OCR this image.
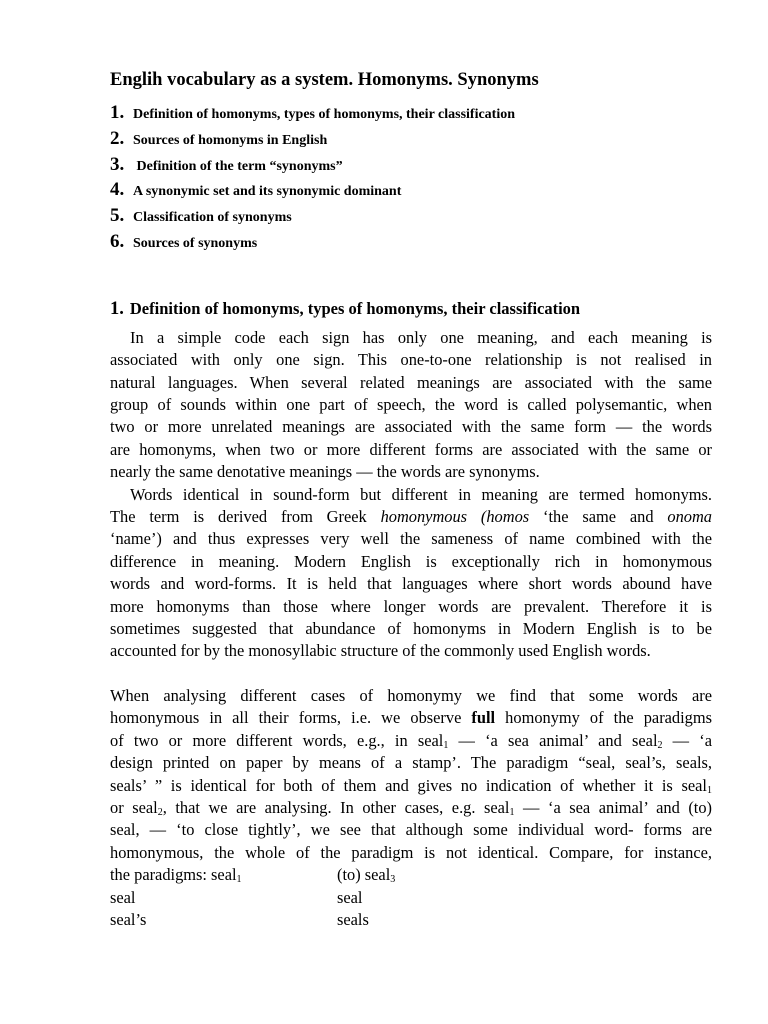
Englih vocabulary as a system. Homonyms. Synonyms
1. Definition of homonyms, types of homonyms, their classification
2. Sources of homonyms in English
3. Definition of the term “synonyms”
4. A synonymic set and its synonymic dominant
5. Classification of synonyms
6. Sources of synonyms
1. Definition of homonyms, types of homonyms, their classification

In a simple code each sign has only one meaning, and each meaning is
associated with only one sign. This one-to-one relationship is not realised in
natural languages. When several related meanings are associated with the same
group of sounds within one part of speech, the word is called polysemantic, when
two or more unrelated meanings are associated with the same form — the words
are homonyms, when two or more different forms are associated with the same or
nearly the same denotative meanings — the words are synonyms.

Words identical in sound-form but different in meaning are termed homonyms.
The term is derived from Greek homonymous (homos ‘the same and onoma
‘name’) and thus expresses very well the sameness of name combined with the
difference in meaning. Modern English is exceptionally rich in homonymous
words and word-forms. It is held that languages where short words abound have
more homonyms than those where longer words are prevalent. Therefore it is
sometimes suggested that abundance of homonyms in Modern English is to be
accounted for by the monosyllabic structure of the commonly used English words.

When analysing different cases of homonymy we find that some words are
homonymous in all their forms, i.e. we observe full homonymy of the paradigms
of two or more different words, e.g., in seal$_1$ — ‘a sea animal’ and seal$_2$ — ‘a
design printed on paper by means of a stamp’. The paradigm “seal, seal’s, seals,
seals’ ” is identical for both of them and gives no indication of whether it is seal$_1$
or seal$_2$, that we are analysing. In other cases, e.g. seal$_1$ — ‘a sea animal’ and (to)
seal, — ‘to close tightly’, we see that although some individual word- forms are
homonymous, the whole of the paradigm is not identical. Compare, for instance,

the paradigms: seal$_1$	(to) seal$_3$
seal	seal
seal’s	seals
